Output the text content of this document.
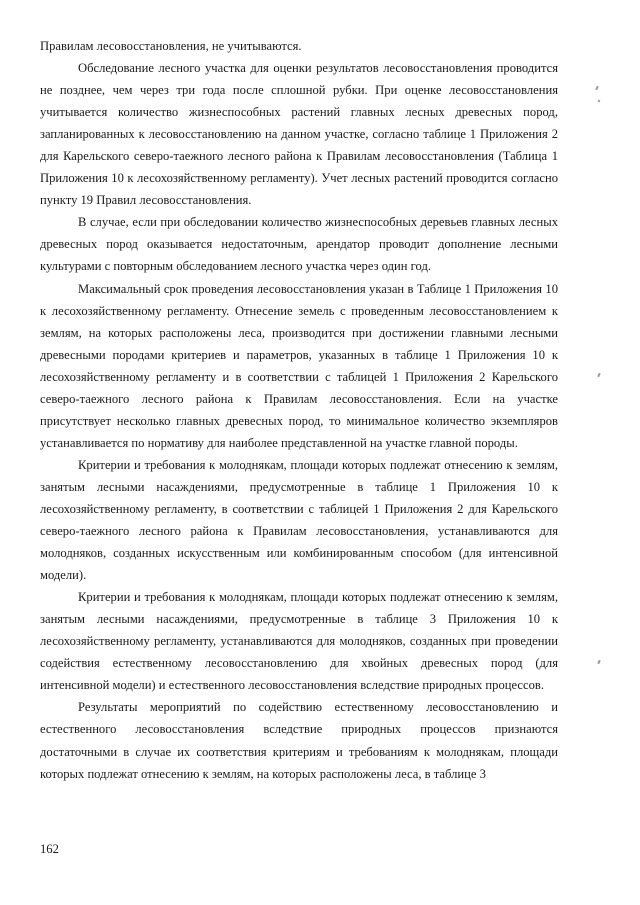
Правилам лесовосстановления, не учитываются.

Обследование лесного участка для оценки результатов лесовосстановления проводится не позднее, чем через три года после сплошной рубки. При оценке лесовосстановления учитывается количество жизнеспособных растений главных лесных древесных пород, запланированных к лесовосстановлению на данном участке, согласно таблице 1 Приложения 2 для Карельского северо-таежного лесного района к Правилам лесовосстановления (Таблица 1 Приложения 10 к лесохозяйственному регламенту). Учет лесных растений проводится согласно пункту 19 Правил лесовосстановления.

В случае, если при обследовании количество жизнеспособных деревьев главных лесных древесных пород оказывается недостаточным, арендатор проводит дополнение лесными культурами с повторным обследованием лесного участка через один год.

Максимальный срок проведения лесовосстановления указан в Таблице 1 Приложения 10 к лесохозяйственному регламенту. Отнесение земель с проведенным лесовосстановлением к землям, на которых расположены леса, производится при достижении главными лесными древесными породами критериев и параметров, указанных в таблице 1 Приложения 10 к лесохозяйственному регламенту и в соответствии с таблицей 1 Приложения 2 Карельского северо-таежного лесного района к Правилам лесовосстановления. Если на участке присутствует несколько главных древесных пород, то минимальное количество экземпляров устанавливается по нормативу для наиболее представленной на участке главной породы.

Критерии и требования к молоднякам, площади которых подлежат отнесению к землям, занятым лесными насаждениями, предусмотренные в таблице 1 Приложения 10 к лесохозяйственному регламенту, в соответствии с таблицей 1 Приложения 2 для Карельского северо-таежного лесного района к Правилам лесовосстановления, устанавливаются для молодняков, созданных искусственным или комбинированным способом (для интенсивной модели).

Критерии и требования к молоднякам, площади которых подлежат отнесению к землям, занятым лесными насаждениями, предусмотренные в таблице 3 Приложения 10 к лесохозяйственному регламенту, устанавливаются для молодняков, созданных при проведении содействия естественному лесовосстановлению для хвойных древесных пород (для интенсивной модели) и естественного лесовосстановления вследствие природных процессов.

Результаты мероприятий по содействию естественному лесовосстановлению и естественного лесовосстановления вследствие природных процессов признаются достаточными в случае их соответствия критериям и требованиям к молоднякам, площади которых подлежат отнесению к землям, на которых расположены леса, в таблице 3

162
